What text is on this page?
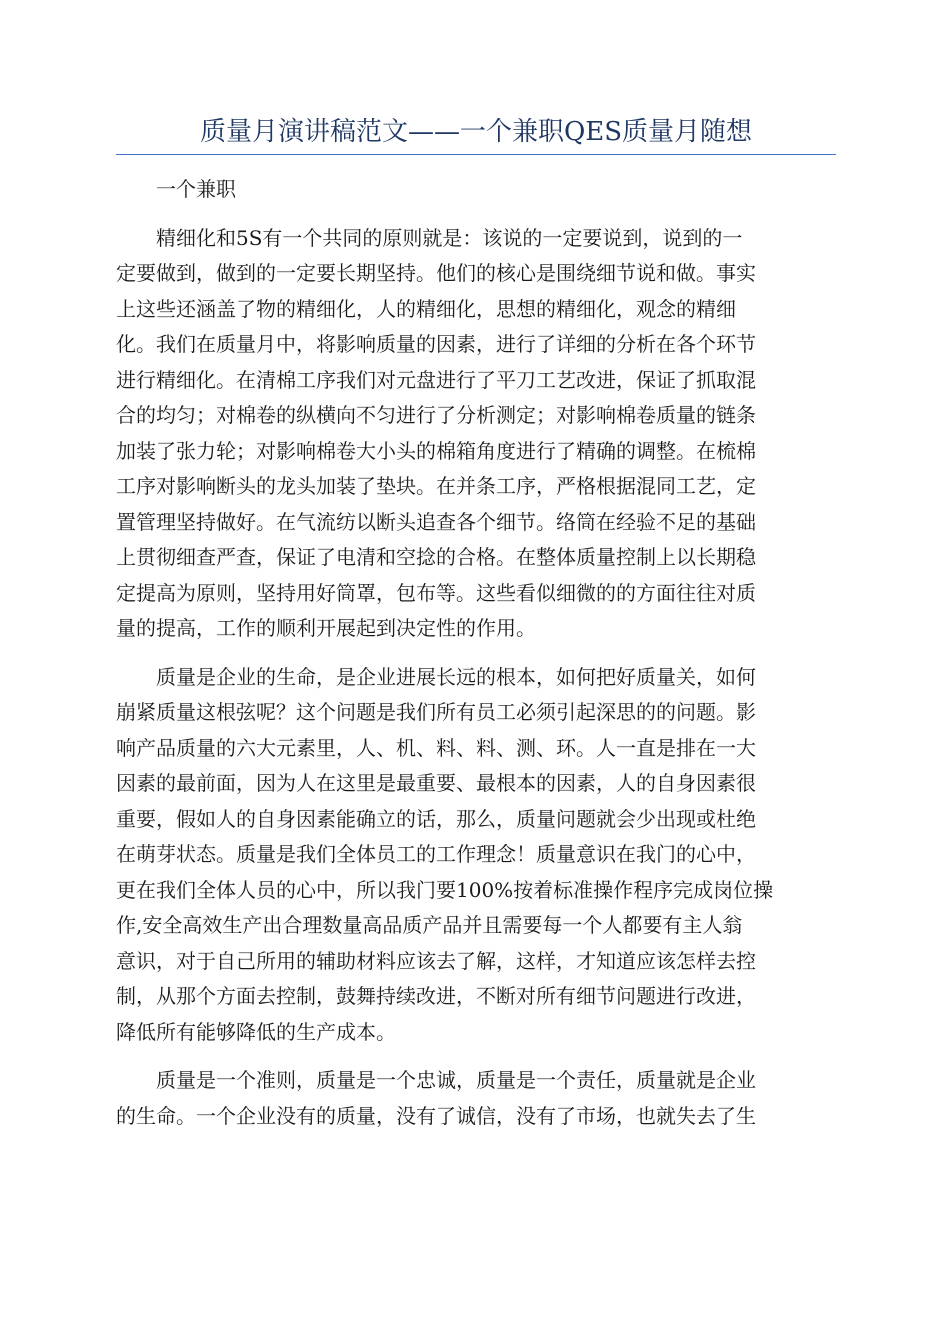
质量月演讲稿范文——一个兼职QES质量月随想

一个兼职

精细化和5S有一个共同的原则就是：该说的一定要说到，说到的一
定要做到，做到的一定要长期坚持。他们的核心是围绕细节说和做。事实
上这些还涵盖了物的精细化，人的精细化，思想的精细化，观念的精细
化。我们在质量月中，将影响质量的因素，进行了详细的分析在各个环节
进行精细化。在清棉工序我们对元盘进行了平刀工艺改进，保证了抓取混
合的均匀；对棉卷的纵横向不匀进行了分析测定；对影响棉卷质量的链条
加装了张力轮；对影响棉卷大小头的棉箱角度进行了精确的调整。在梳棉
工序对影响断头的龙头加装了垫块。在并条工序，严格根据混同工艺，定
置管理坚持做好。在气流纺以断头追查各个细节。络筒在经验不足的基础
上贯彻细查严查，保证了电清和空捻的合格。在整体质量控制上以长期稳
定提高为原则，坚持用好筒罩，包布等。这些看似细微的的方面往往对质
量的提高，工作的顺利开展起到决定性的作用。

质量是企业的生命，是企业进展长远的根本，如何把好质量关，如何
崩紧质量这根弦呢？这个问题是我们所有员工必须引起深思的的问题。影
响产品质量的六大元素里，人、机、料、料、测、环。人一直是排在一大
因素的最前面，因为人在这里是最重要、最根本的因素，人的自身因素很
重要，假如人的自身因素能确立的话，那么，质量问题就会少出现或杜绝
在萌芽状态。质量是我们全体员工的工作理念！质量意识在我门的心中，
更在我们全体人员的心中，所以我门要100%按着标准操作程序完成岗位操
作,安全高效生产出合理数量高品质产品并且需要每一个人都要有主人翁
意识，对于自己所用的辅助材料应该去了解，这样，才知道应该怎样去控
制，从那个方面去控制，鼓舞持续改进，不断对所有细节问题进行改进，
降低所有能够降低的生产成本。

质量是一个准则，质量是一个忠诚，质量是一个责任，质量就是企业
的生命。一个企业没有的质量，没有了诚信，没有了市场，也就失去了生
